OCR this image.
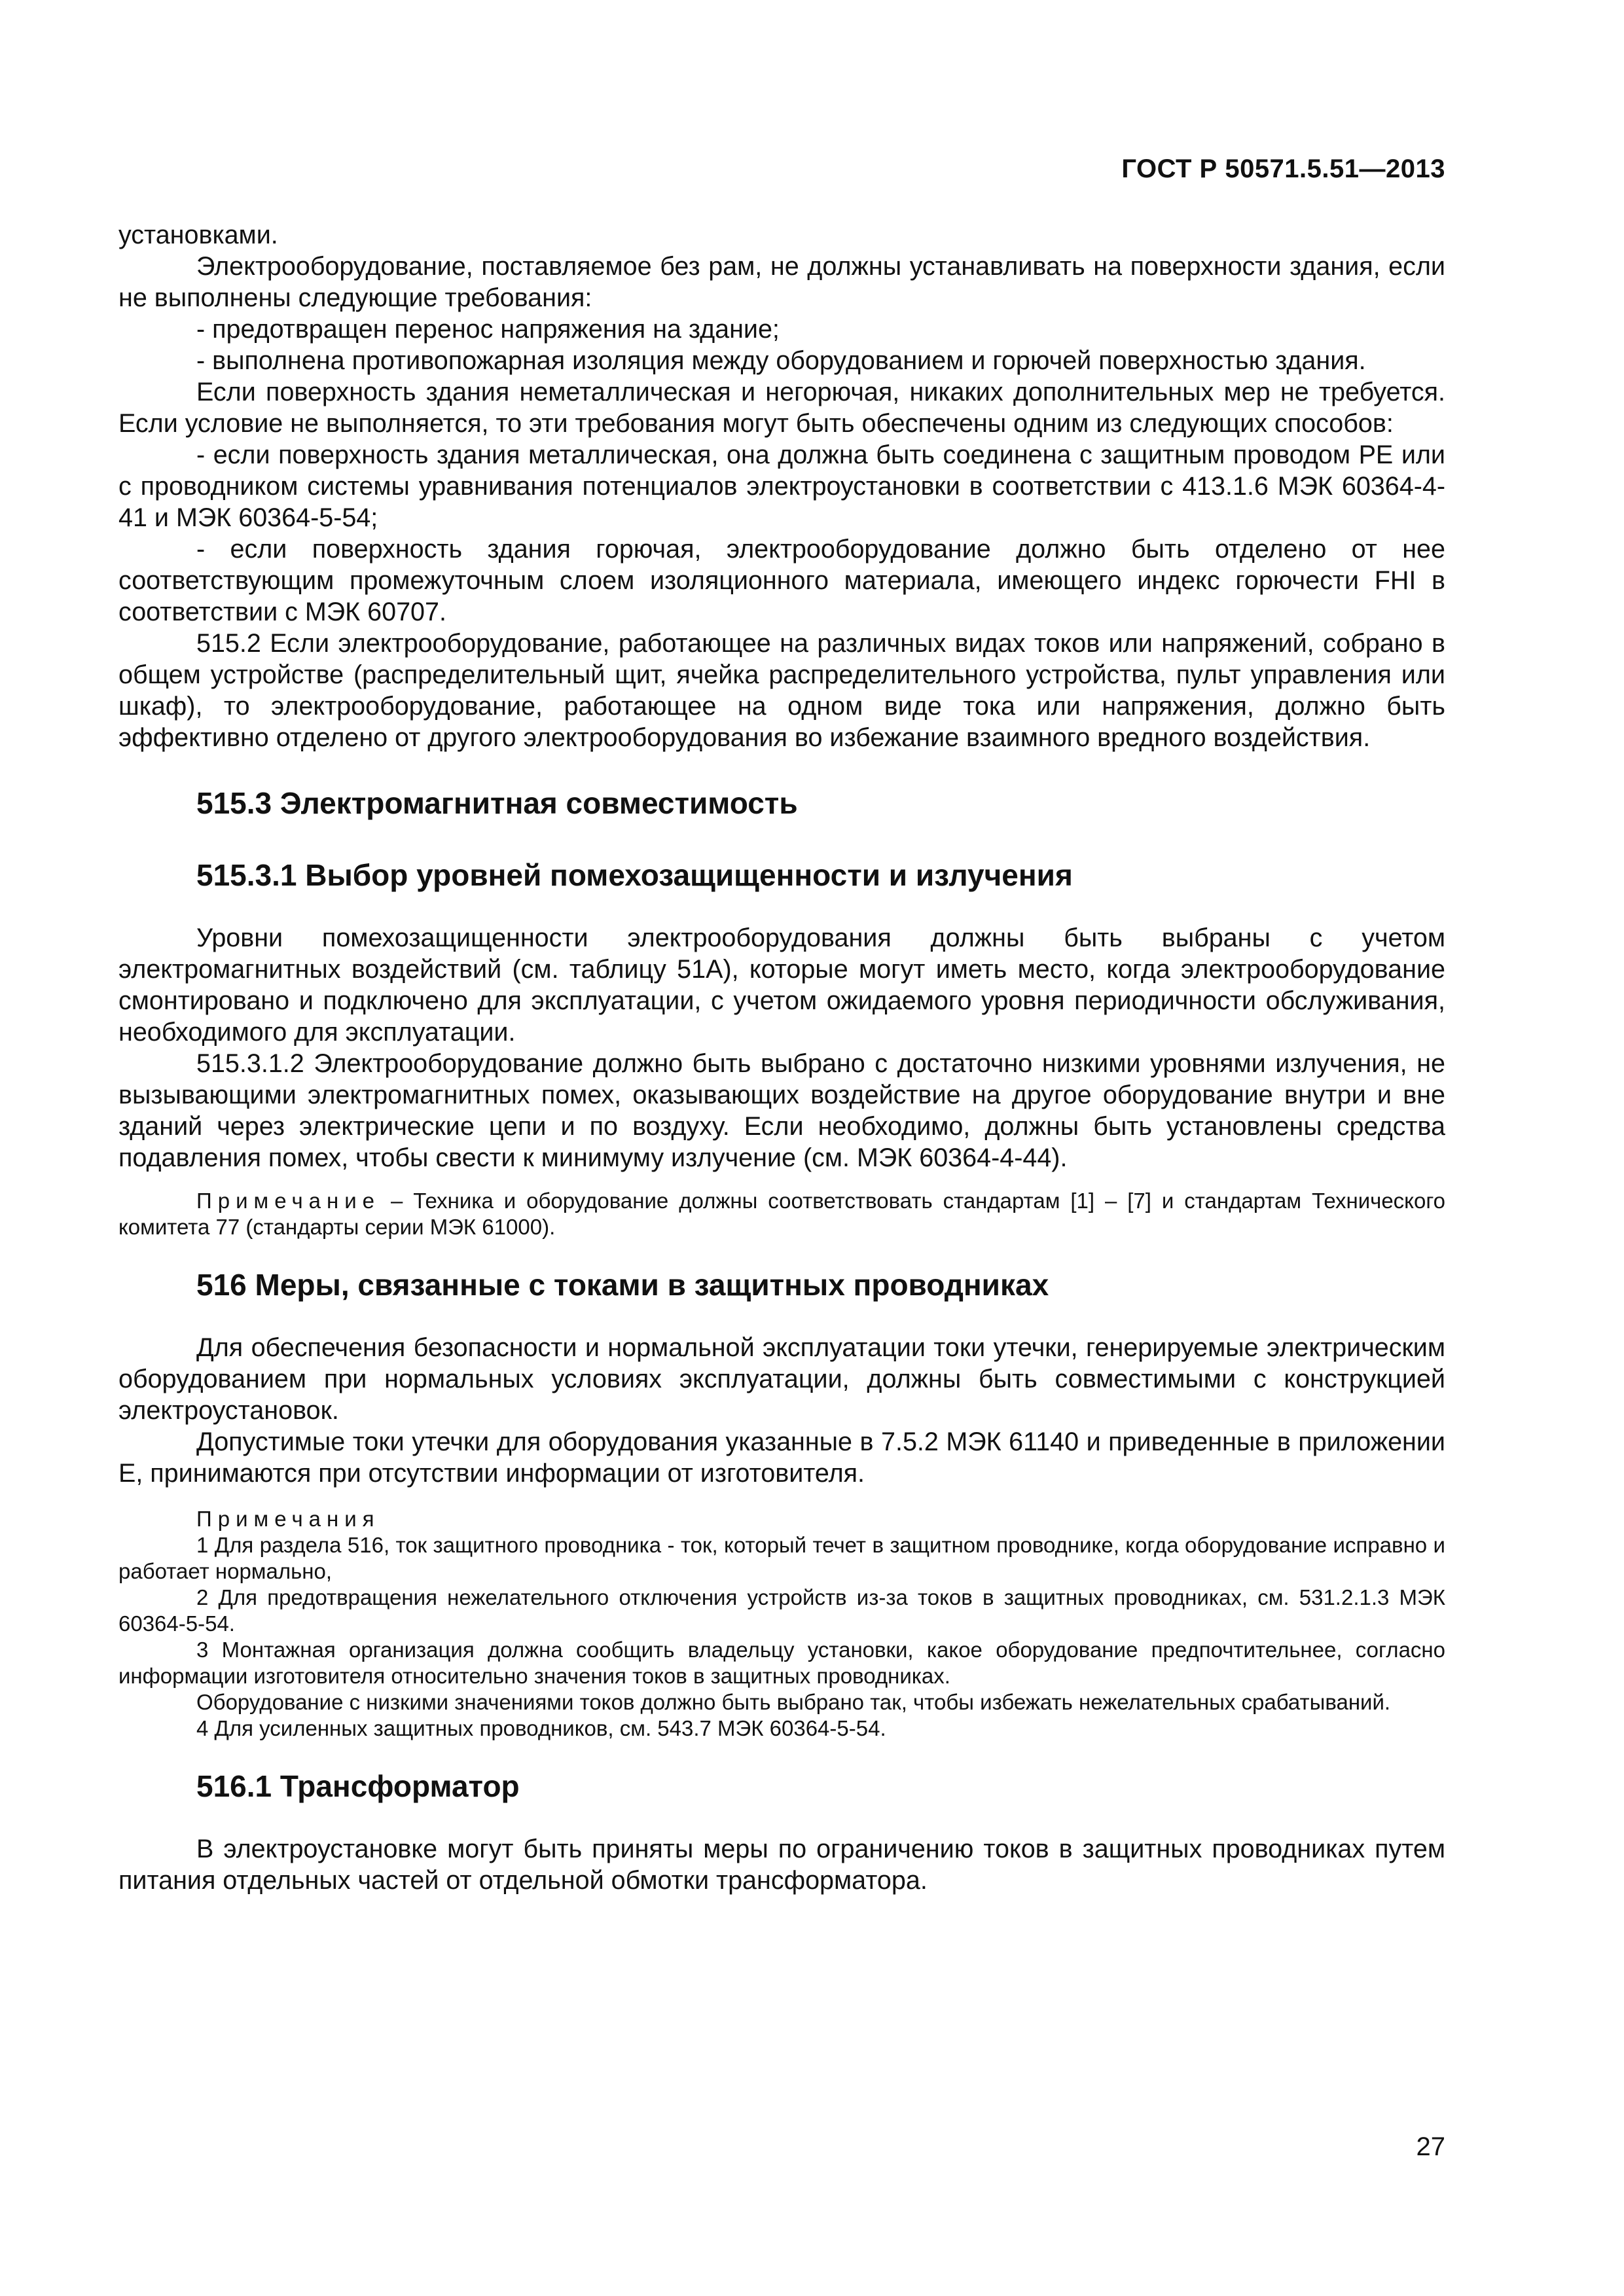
ГОСТ Р 50571.5.51—2013

установками.

Электрооборудование, поставляемое без рам, не должны устанавливать на поверхности здания, если не выполнены следующие требования:

- предотвращен перенос напряжения на здание;

- выполнена противопожарная изоляция между оборудованием и горючей поверхностью здания.

Если поверхность здания неметаллическая и негорючая, никаких дополнительных мер не требуется. Если условие не выполняется, то эти требования могут быть обеспечены одним из следующих способов:

- если поверхность здания металлическая, она должна быть соединена с защитным проводом РЕ или с проводником системы уравнивания потенциалов электроустановки в соответствии с 413.1.6 МЭК 60364-4-41 и МЭК 60364-5-54;

- если поверхность здания горючая, электрооборудование должно быть отделено от нее соответствующим промежуточным слоем изоляционного материала, имеющего индекс горючести FHI в соответствии с МЭК 60707.

515.2 Если электрооборудование, работающее на различных видах токов или напряжений, собрано в общем устройстве (распределительный щит, ячейка распределительного устройства, пульт управления или шкаф), то электрооборудование, работающее на одном виде тока или напряжения, должно быть эффективно отделено от другого электрооборудования во избежание взаимного вредного воздействия.

515.3 Электромагнитная совместимость

515.3.1 Выбор уровней помехозащищенности и излучения

Уровни помехозащищенности электрооборудования должны быть выбраны с учетом электромагнитных воздействий (см. таблицу 51А), которые могут иметь место, когда электрооборудование смонтировано и подключено для эксплуатации, с учетом ожидаемого уровня периодичности обслуживания, необходимого для эксплуатации.

515.3.1.2 Электрооборудование должно быть выбрано с достаточно низкими уровнями излучения, не вызывающими электромагнитных помех, оказывающих воздействие на другое оборудование внутри и вне зданий через электрические цепи и по воздуху. Если необходимо, должны быть установлены средства подавления помех, чтобы свести к минимуму излучение (см. МЭК 60364-4-44).

Примечание – Техника и оборудование должны соответствовать стандартам [1] – [7] и стандартам Технического комитета 77 (стандарты серии МЭК 61000).

516 Меры, связанные с токами в защитных проводниках

Для обеспечения безопасности и нормальной эксплуатации токи утечки, генерируемые электрическим оборудованием при нормальных условиях эксплуатации, должны быть совместимыми с конструкцией электроустановок.

Допустимые токи утечки для оборудования указанные в 7.5.2 МЭК 61140 и приведенные в приложении Е, принимаются при отсутствии информации от изготовителя.

Примечания

1 Для раздела 516, ток защитного проводника - ток, который течет в защитном проводнике, когда оборудование исправно и работает нормально,

2 Для предотвращения нежелательного отключения устройств из-за токов в защитных проводниках, см. 531.2.1.3 МЭК 60364-5-54.

3 Монтажная организация должна сообщить владельцу установки, какое оборудование предпочтительнее, согласно информации изготовителя относительно значения токов в защитных проводниках.

Оборудование с низкими значениями токов должно быть выбрано так, чтобы избежать нежелательных срабатываний.

4 Для усиленных защитных проводников, см. 543.7 МЭК 60364-5-54.

516.1 Трансформатор

В электроустановке могут быть приняты меры по ограничению токов в защитных проводниках путем питания отдельных частей от отдельной обмотки трансформатора.

27
